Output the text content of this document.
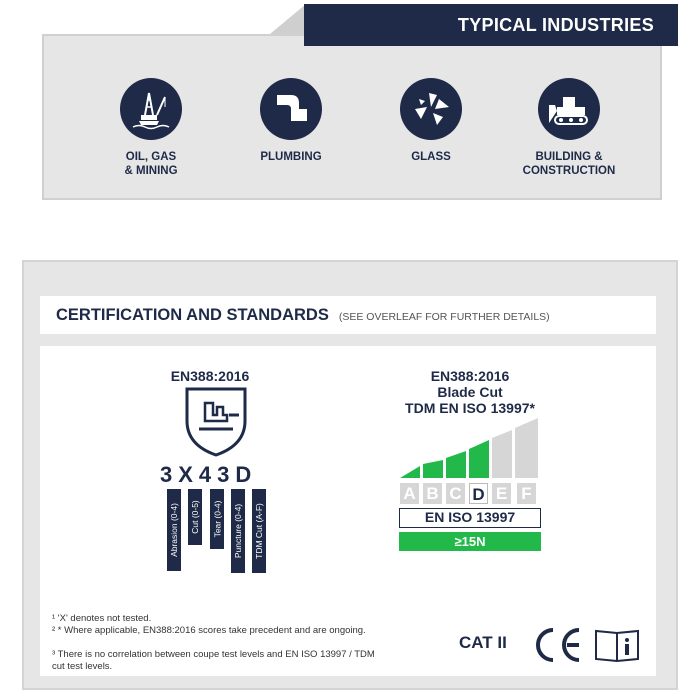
TYPICAL INDUSTRIES
OIL, GAS
& MINING
PLUMBING	GLASS	BUILDING &
CONSTRUCTION
CERTIFICATION AND STANDARDS (SEE OVERLEAF FOR FURTHER DETAILS)
EN388:2016
3X43D
Abrasion (0-4) Cut (0-5) Tear (0-4) Puncture (0-4) TDM Cut (A-F)
EN388:2016
Blade Cut
TDM EN ISO 13997*
A B C D E F
EN ISO 13997
≥15N
¹ 'X' denotes not tested.
² * Where applicable, EN388:2016 scores take precedent and are ongoing.
³ There is no correlation between coupe test levels and EN ISO 13997 / TDM cut test levels.
CAT II
